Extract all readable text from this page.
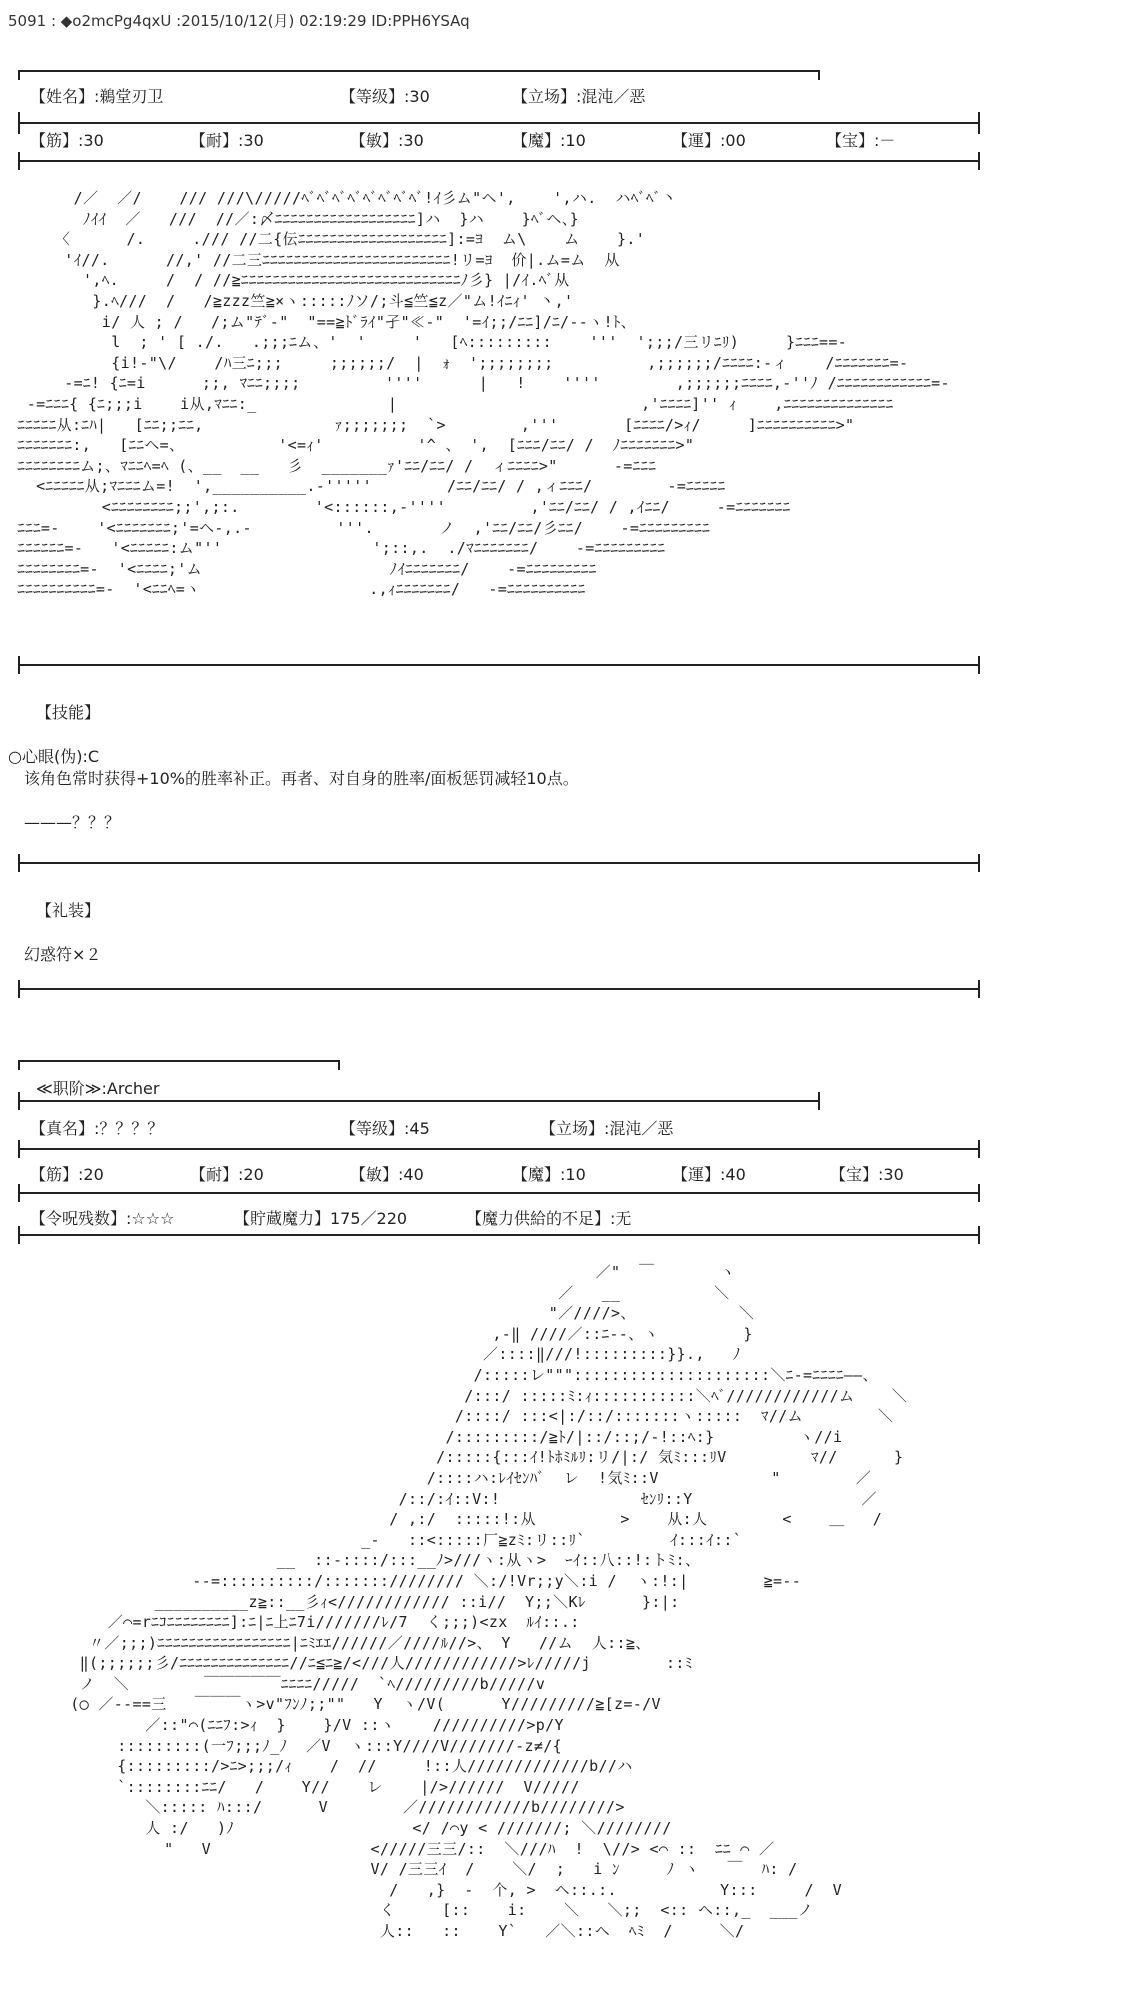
5091 : ◆o2mcPg4qxU :2015/10/12(月) 02:19:29 ID:PPH6YSAq
【姓名】:鵜堂刃卫	【等级】:30	【立场】:混沌／恶
【筋】:30	【耐】:30	【敏】:30	【魔】:10	【運】:00	【宝】:－
/／  ／/    /// ///\/////ﾍﾞﾍﾞﾍﾞﾍﾞﾍﾞﾍﾞﾍﾞﾍﾞ!ｲ彡ム"ヘ',    ',ハ.  ハﾍﾞﾍﾞ丶
ﾉｲｲ  ／   ///  //／:〆ﾆﾆﾆﾆﾆﾆﾆﾆﾆﾆﾆﾆﾆﾆﾆﾆﾆﾆ]ハ  }ハ    }ﾍﾞヘ、}
〈      /.     ./// //二{伝ﾆﾆﾆﾆﾆﾆﾆﾆﾆﾆﾆﾆﾆﾆﾆﾆﾆﾆﾆ]:=ﾖ  ム\    ム    }.'
'ｲ//.      //,' //二三ﾆﾆﾆﾆﾆﾆﾆﾆﾆﾆﾆﾆﾆﾆﾆﾆﾆﾆﾆﾆﾆﾆﾆﾆ!リ=ﾖ  价|.ム=ム  从
',ﾍ.     /  / //≧ﾆﾆﾆﾆﾆﾆﾆﾆﾆﾆﾆﾆﾆﾆﾆﾆﾆﾆﾆﾆﾆﾆﾆﾆﾆﾆﾆﾆﾉ彡} |/ｲ.ﾍﾞ从
}.ﾍ///  /   /≧zzz竺≧×ヽ:::::ﾉソ/;斗≦竺≦z／"ム!ｲﾆｨ' 丶,'
i/ 人 ; /   /;ム"ﾃﾞ-"  "==≧ﾄﾞﾗｲ"孑"≪-"  '=ｲ;;/ﾆﾆ]/ﾆ/--ヽ!ﾄ、
l  ; ' [ ./.   .;;;ﾆム、'  '     '   [ﾍ:::::::::    '''  ';;;/三リﾆﾘ)     }ﾆﾆﾆ==-
{i!-"\/    /ﾊ三ﾆ;;;     ;;;;;;/  |  ｫ  ';;;;;;;;          ,;;;;;;/ﾆﾆﾆﾆ:-ィ    /ﾆﾆﾆﾆﾆﾆﾆ=-
-=ﾆ! {ﾆ=i      ;;, ﾏﾆﾆ;;;;         ''''      |   !    ''''        ,;;;;;;ﾆﾆﾆﾆ,-''ﾉ /ﾆﾆﾆﾆﾆﾆﾆﾆﾆﾆﾆﾆ=-
-=ﾆﾆﾆ{ {ﾆ;;;i    i从,ﾏﾆﾆ:_              |                          ,'ﾆﾆﾆﾆ]'' ｨ    ,ﾆﾆﾆﾆﾆﾆﾆﾆﾆﾆﾆﾆﾆﾆ
ﾆﾆﾆﾆﾆ从:ﾆﾊ|   [ﾆﾆ;;ﾆﾆ,              ｧ;;;;;;;  `>        ,'''       [ﾆﾆﾆﾆ/>ｨ/     ]ﾆﾆﾆﾆﾆﾆﾆﾆﾆﾆ>"
ﾆﾆﾆﾆﾆﾆﾆ:,   [ﾆﾆヘ=、          '<=ｨ'          '^ 、 ',  [ﾆﾆﾆ/ﾆﾆ/ /  ﾉﾆﾆﾆﾆﾆﾆﾆ>"
ﾆﾆﾆﾆﾆﾆﾆﾆム;、ﾏﾆﾆﾍ=ﾍ (、__  __   彡  _______ｧ'ﾆﾆ/ﾆﾆ/ /  ィﾆﾆﾆﾆ>"      -=ﾆﾆﾆ
<ﾆﾆﾆﾆﾆ从;ﾏﾆﾆﾆム=!  ',__________.-'''''        /ﾆﾆ/ﾆﾆ/ / ,ィﾆﾆﾆ/        -=ﾆﾆﾆﾆﾆ
<ﾆﾆﾆﾆﾆﾆﾆﾆ;;',;:.        '<::::::,-''''         ,'ﾆﾆ/ﾆﾆ/ / ,ｲﾆﾆ/     -=ﾆﾆﾆﾆﾆﾆﾆ
ﾆﾆﾆ=-    '<ﾆﾆﾆﾆﾆﾆﾆ;'=ヘ-,.-         '''.       ノ  ,'ﾆﾆ/ﾆﾆ/彡ﾆﾆ/    -=ﾆﾆﾆﾆﾆﾆﾆﾆﾆ
ﾆﾆﾆﾆﾆﾆ=-   '<ﾆﾆﾆﾆﾆ:ム"''                ';::,.  ./ﾏﾆﾆﾆﾆﾆﾆﾆ/    -=ﾆﾆﾆﾆﾆﾆﾆﾆﾆ
ﾆﾆﾆﾆﾆﾆﾆﾆ=-  '<ﾆﾆﾆﾆ;'ム                    ﾉｲﾆﾆﾆﾆﾆﾆﾆ/    -=ﾆﾆﾆﾆﾆﾆﾆﾆﾆ
ﾆﾆﾆﾆﾆﾆﾆﾆﾆﾆ=-  '<ﾆﾆﾍ=ヽ                  .,ｨﾆﾆﾆﾆﾆﾆﾆ/   -=ﾆﾆﾆﾆﾆﾆﾆﾆﾆﾆ
【技能】
○心眼(伪):C
该角色常时获得+10%的胜率补正。再者、对自身的胜率/面板惩罚减轻10点。
———？？？
【礼装】
幻惑符×２
≪职阶≫:Archer
【真名】:？？？？	【等级】:45	【立场】:混沌／恶
【筋】:20	【耐】:20	【敏】:40	【魔】:10	【運】:40	【宝】:30
【令呪残数】:☆☆☆	【貯蔵魔力】175／220	【魔力供給的不足】:无
／"  ￣       ヽ
／   __          ＼
"／////>、           ＼
,-‖ ////／::ﾆ--、ヽ         }
／::::‖///!:::::::::}}.,   ﾉ
/:::::レ""":::::::::::::::::::::＼ﾆ-=ﾆﾆﾆﾆ――、
/:::/ :::::ﾐ:ｨ:::::::::::＼ﾍﾞ////////////ム    ＼
/::::/ :::<|:/::/:::::::ヽ:::::  ﾏ//ム        ＼
/:::::::::/≧ﾄ/|::/::;/-!::ﾍ:}         ヽ//i
/:::::{:::ｲ!ﾄﾎﾐﾙﾘ:リ/|:/ 気ﾐ:::ﾘV         ﾏ//      }
/::::ハ:ﾚｲｾﾝﾊﾞ  レ  !気ﾐ::V            "        ／
/::/:ｲ::V:!               ｾﾝﾘ::Y                  ／
/ ,:/  :::::!:从         >    从:人        <    ＿   /
_-   ::<:::::厂≧zﾐ:リ::ﾘ`         ｲ:::ｲ::`
__  ::-::::/:::__ﾉ>///ヽ:从ヽ>  ｰｲ::八::!:トﾐ:、
--=::::::::::/::::::://////// ＼:/!Vr;;y＼:i /  ヽ:!:|        ≧=--
__________z≧::__彡ｨ<//////////// ::i//  Y;;＼Kﾚ      }:|:
／⌒=rﾆｺﾆﾆﾆﾆﾆﾆﾆﾆ]:ﾆ|ﾆ上ﾆ7i///////ﾚ/7  く;;;)<zx  ﾙｲ::.:
〃／;;;)ﾆﾆﾆﾆﾆﾆﾆﾆﾆﾆﾆﾆﾆﾆﾆﾆﾆ|ﾆﾐｴｴ//////／////ﾙ//>、 Y   //ム  人::≧、
‖(;;;;;;彡/ﾆﾆﾆﾆﾆﾆﾆﾆﾆﾆﾆﾆﾆﾆ//ﾆ≦ﾆ≧/<///人////////////>ﾚ/////j        ::ﾐ
ノ  ＼        ￣￣￣￣￣ﾆﾆﾆﾆ/////  `ﾍ/////////b/////v
(◯ ／-‐==三   ￣￣￣ヽ>v"ﾌﾝﾉ;;""   Y  ヽ/V(      Y/////////≧[z=-/V
／::"⌒(ﾆﾆﾌ:>ｨ  }    }/V ::ヽ    //////////>p/Y
:::::::::(一ﾌ;;;ﾉ_ﾉ  ／V  ヽ:::Y////V///////-z≠/{
{:::::::::/>ﾆ>;;;/ｨ    /  //     !::人/////////////b//ハ
`::::::::ﾆﾆ/   /    Y//    レ    |/>//////  V/////
＼::::: ﾊ:::/      V        ／////////////b////////>
人 :/   )ﾉ                   </ /⌒y < ///////; ＼////////
"   V                 </////三三/::  ＼///ﾊ  !  \//> <⌒ ::  ﾆﾆ ⌒ ／
V/ /三三ｲ  /    ＼/  ;   i ﾝ     ﾉ ヽ   ￣  ﾊ: /
/   ,}  -  个, >  ヘ::.:.           Y:::     /  V
く     [::    i:    ＼   ＼;;  <:: ヘ::,_  ___ノ
人::   ::    Y`   ／＼::ヘ  ﾍﾐ  /     ＼/
